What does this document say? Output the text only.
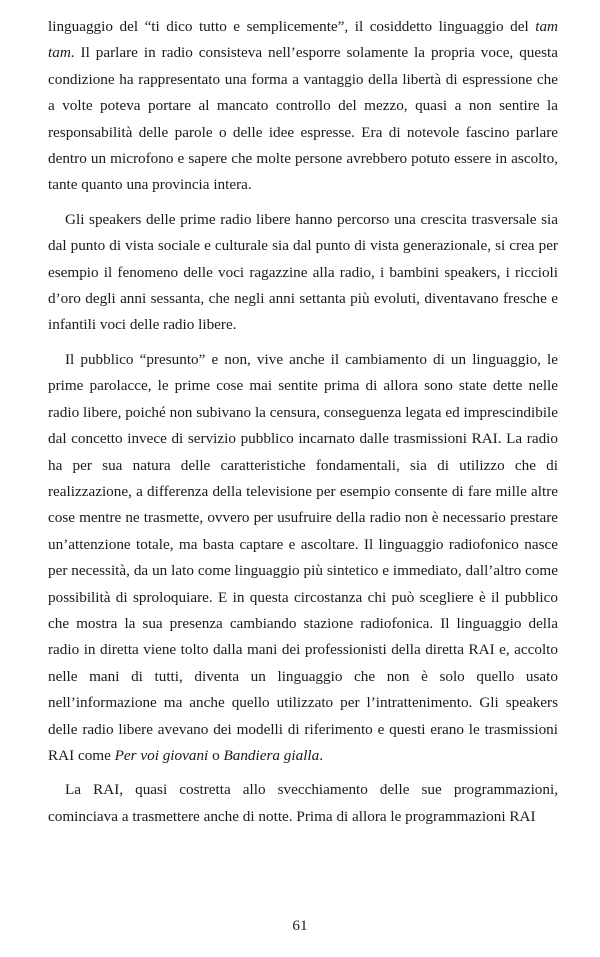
linguaggio del “ti dico tutto e semplicemente”, il cosiddetto linguaggio del tam tam. Il parlare in radio consisteva nell’esporre solamente la propria voce, questa condizione ha rappresentato una forma a vantaggio della libertà di espressione che a volte poteva portare al mancato controllo del mezzo, quasi a non sentire la responsabilità delle parole o delle idee espresse. Era di notevole fascino parlare dentro un microfono e sapere che molte persone avrebbero potuto essere in ascolto, tante quanto una provincia intera.

Gli speakers delle prime radio libere hanno percorso una crescita trasversale sia dal punto di vista sociale e culturale sia dal punto di vista generazionale, si crea per esempio il fenomeno delle voci ragazzine alla radio, i bambini speakers, i riccioli d’oro degli anni sessanta, che negli anni settanta più evoluti, diventavano fresche e infantili voci delle radio libere.

Il pubblico “presunto” e non, vive anche il cambiamento di un linguaggio, le prime parolacce, le prime cose mai sentite prima di allora sono state dette nelle radio libere, poiché non subivano la censura, conseguenza legata ed imprescindibile dal concetto invece di servizio pubblico incarnato dalle trasmissioni RAI. La radio ha per sua natura delle caratteristiche fondamentali, sia di utilizzo che di realizzazione, a differenza della televisione per esempio consente di fare mille altre cose mentre ne trasmette, ovvero per usufruire della radio non è necessario prestare un’attenzione totale, ma basta captare e ascoltare. Il linguaggio radiofonico nasce per necessità, da un lato come linguaggio più sintetico e immediato, dall’altro come possibilità di sproloquiare. E in questa circostanza chi può scegliere è il pubblico che mostra la sua presenza cambiando stazione radiofonica. Il linguaggio della radio in diretta viene tolto dalla mani dei professionisti della diretta RAI e, accolto nelle mani di tutti, diventa un linguaggio che non è solo quello usato nell’informazione ma anche quello utilizzato per l’intrattenimento. Gli speakers delle radio libere avevano dei modelli di riferimento e questi erano le trasmissioni RAI come Per voi giovani o Bandiera gialla.

La RAI, quasi costretta allo svecchiamento delle sue programmazioni, cominciava a trasmettere anche di notte. Prima di allora le programmazioni RAI

61
